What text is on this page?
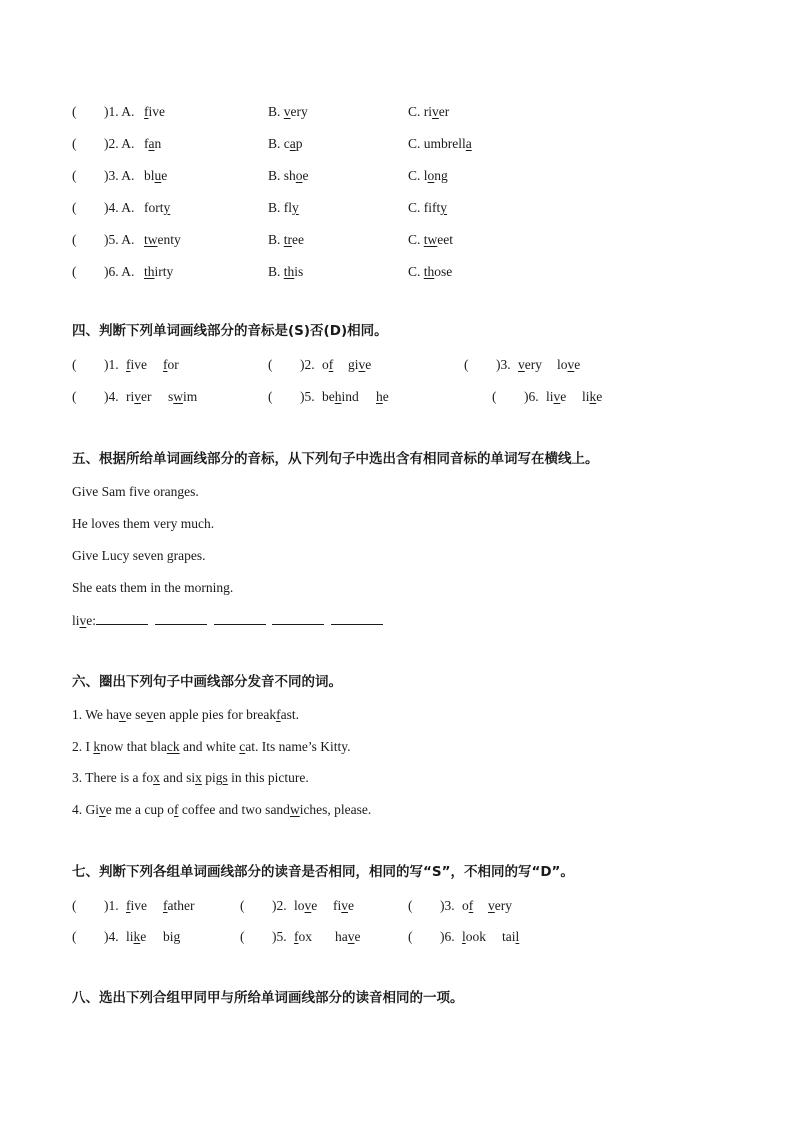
( )1. A. five	B. very	C. river
( )2. A. fan	B. cap	C. umbrella
( )3. A. blue	B. shoe	C. long
( )4. A. forty	B. fly	C. fifty
( )5. A. twenty	B. tree	C. tweet
( )6. A. thirty	B. this	C. those
四、判断下列单词画线部分的音标是(S)否(D)相同。
( )1. five for	( )2. of give	( )3. very love
( )4. river swim	( )5. behind he	( )6. live like
五、根据所给单词画线部分的音标，从下列句子中选出含有相同音标的单词写在横线上。
Give Sam five oranges.
He loves them very much.
Give Lucy seven grapes.
She eats them in the morning.
live:
六、圈出下列句子中画线部分发音不同的词。
1. We have seven apple pies for breakfast.
2. I know that black and white cat. Its name’s Kitty.
3. There is a fox and six pigs in this picture.
4. Give me a cup of coffee and two sandwiches, please.
七、判断下列各组单词画线部分的读音是否相同，相同的写“S”，不相同的写“D”。
( )1. five father	( )2. love five	( )3. of very
( )4. like big	( )5. fox have	( )6. look tail
八、选出下列合组甲同甲与所给单词画线部分的读音相同的一项。
